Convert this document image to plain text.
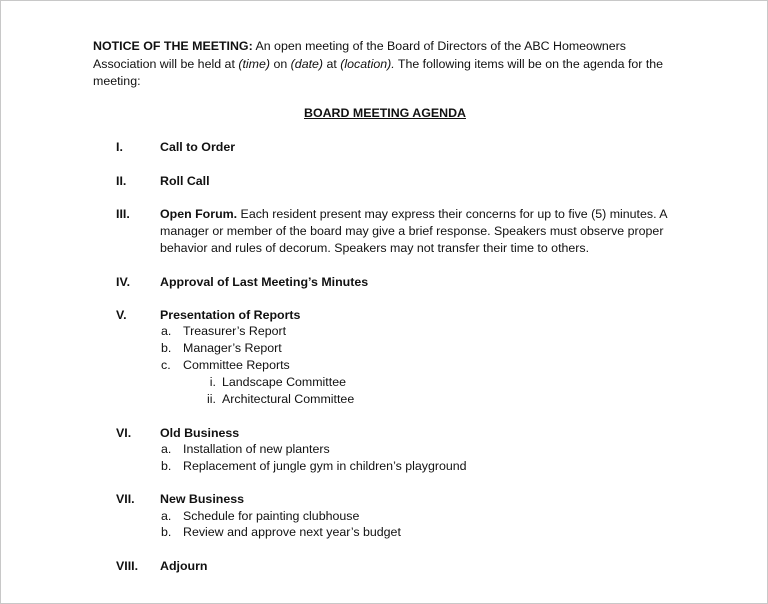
NOTICE OF THE MEETING: An open meeting of the Board of Directors of the ABC Homeowners Association will be held at (time) on (date) at (location). The following items will be on the agenda for the meeting:
BOARD MEETING AGENDA
I.	Call to Order
II.	Roll Call
III. Open Forum. Each resident present may express their concerns for up to five (5) minutes. A manager or member of the board may give a brief response. Speakers must observe proper behavior and rules of decorum. Speakers may not transfer their time to others.
IV. Approval of Last Meeting’s Minutes
V.	Presentation of Reports
a. Treasurer’s Report
b. Manager’s Report
c. Committee Reports
i. Landscape Committee
ii. Architectural Committee
VI. Old Business
a. Installation of new planters
b. Replacement of jungle gym in children’s playground
VII. New Business
a. Schedule for painting clubhouse
b. Review and approve next year’s budget
VIII. Adjourn
